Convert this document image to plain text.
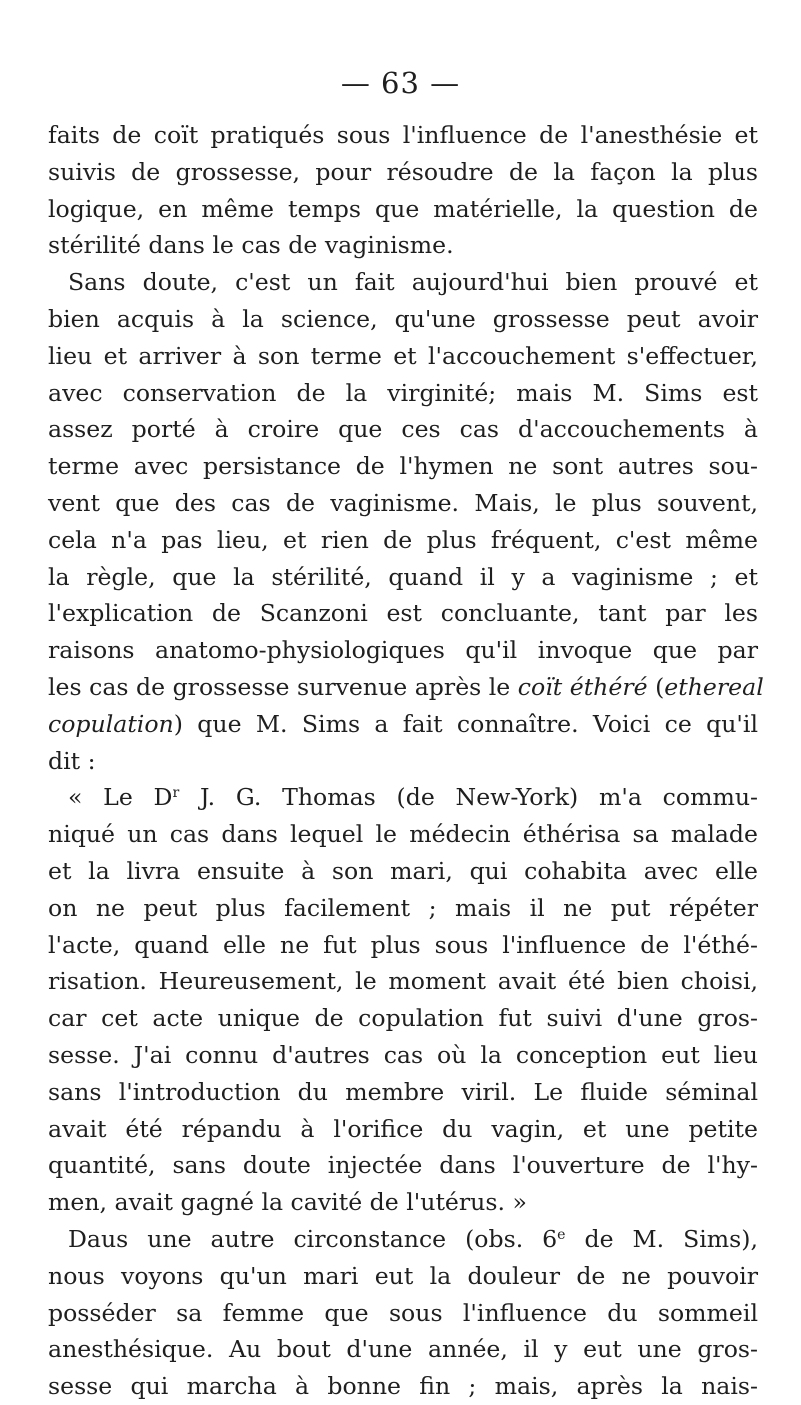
— 63 —
faits de coït pratiqués sous l'influence de l'anesthésie et
suivis de grossesse, pour résoudre de la façon la plus
logique, en même temps que matérielle, la question de
stérilité dans le cas de vaginisme.
Sans doute, c'est un fait aujourd'hui bien prouvé et
bien acquis à la science, qu'une grossesse peut avoir
lieu et arriver à son terme et l'accouchement s'effectuer,
avec conservation de la virginité; mais M. Sims est
assez porté à croire que ces cas d'accouchements à
terme avec persistance de l'hymen ne sont autres sou-
vent que des cas de vaginisme. Mais, le plus souvent,
cela n'a pas lieu, et rien de plus fréquent, c'est même
la règle, que la stérilité, quand il y a vaginisme ; et
l'explication de Scanzoni est concluante, tant par les
raisons anatomo-physiologiques qu'il invoque que par
les cas de grossesse survenue après le coït éthéré (ethereal
copulation) que M. Sims a fait connaître. Voici ce qu'il
dit :
« Le $D^r$ J. G. Thomas (de New-York) m'a commu-
niqué un cas dans lequel le médecin éthérisa sa malade
et la livra ensuite à son mari, qui cohabita avec elle
on ne peut plus facilement ; mais il ne put répéter
l'acte, quand elle ne fut plus sous l'influence de l'éthé-
risation. Heureusement, le moment avait été bien choisi,
car cet acte unique de copulation fut suivi d'une gros-
sesse. J'ai connu d'autres cas où la conception eut lieu
sans l'introduction du membre viril. Le fluide séminal
avait été répandu à l'orifice du vagin, et une petite
quantité, sans doute injectée dans l'ouverture de l'hy-
men, avait gagné la cavité de l'utérus. »
Daus une autre circonstance (obs. 6e de M. Sims),
nous voyons qu'un mari eut la douleur de ne pouvoir
posséder sa femme que sous l'influence du sommeil
anesthésique. Au bout d'une année, il y eut une gros-
sesse qui marcha à bonne fin ; mais, après la nais-
